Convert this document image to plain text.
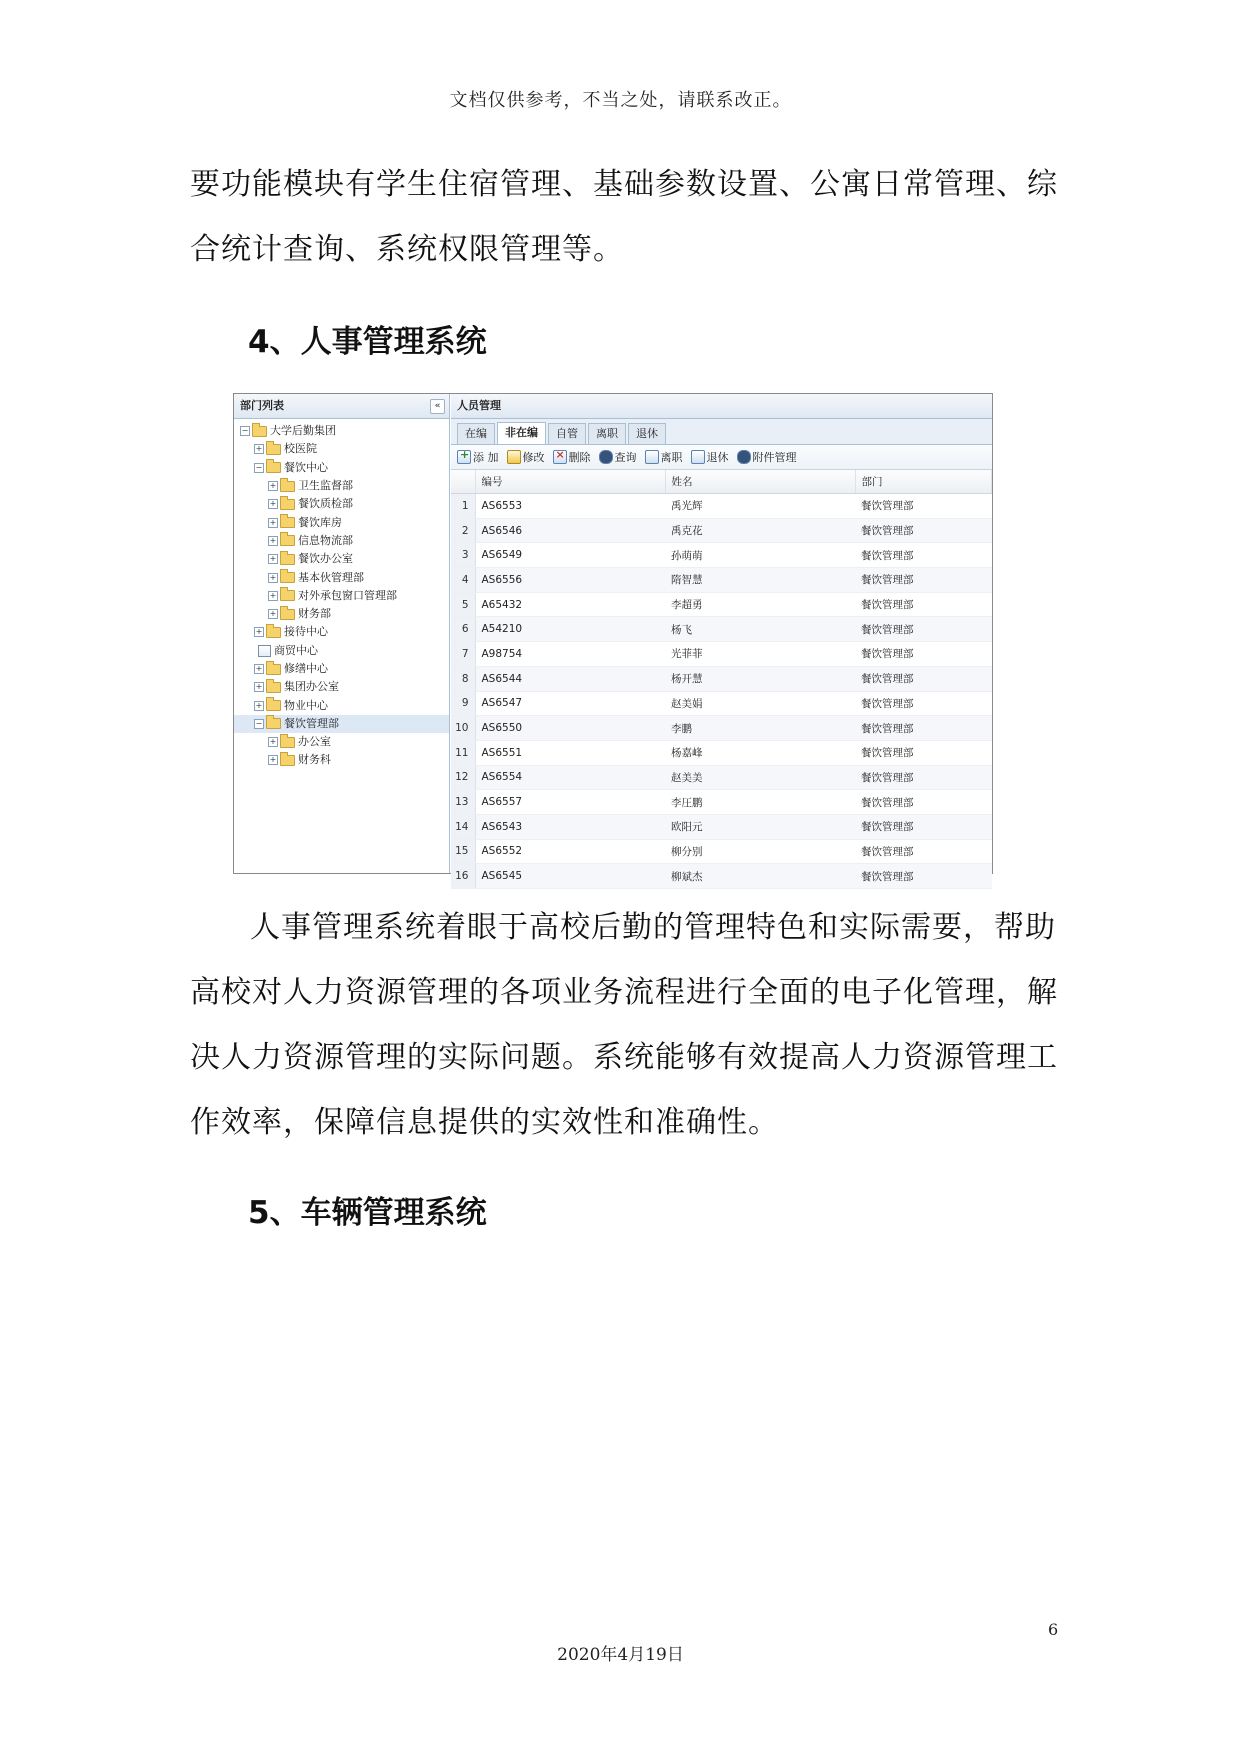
文档仅供参考，不当之处，请联系改正。
要功能模块有学生住宿管理、基础参数设置、公寓日常管理、综合统计查询、系统权限管理等。
4、人事管理系统
部门列表	«
− 大学后勤集团
+ 校医院
− 餐饮中心
+ 卫生监督部
+ 餐饮质检部
+ 餐饮库房
+ 信息物流部
+ 餐饮办公室
+ 基本伙管理部
+ 对外承包窗口管理部
+ 财务部
+ 接待中心
商贸中心
+ 修缮中心
+ 集团办公室
+ 物业中心
− 餐饮管理部
+ 办公室
+ 财务科
人员管理
在编	非在编	自管	离职	退休
+
添 加 修改 × 删除 查询 离职 退休 附件管理
	编号	姓名	部门
1	AS6553	禹光辉	餐饮管理部
2	AS6546	禹克花	餐饮管理部
3	AS6549	孙萌萌	餐饮管理部
4	AS6556	隋智慧	餐饮管理部
5	A65432	李超勇	餐饮管理部
6	A54210	杨飞	餐饮管理部
7	A98754	光菲菲	餐饮管理部
8	AS6544	杨开慧	餐饮管理部
9	AS6547	赵美娟	餐饮管理部
10	AS6550	李鹏	餐饮管理部
11	AS6551	杨嘉峰	餐饮管理部
12	AS6554	赵美美	餐饮管理部
13	AS6557	李圧鹏	餐饮管理部
14	AS6543	欧阳元	餐饮管理部
15	AS6552	柳分别	餐饮管理部
16	AS6545	柳斌杰	餐饮管理部
人事管理系统着眼于高校后勤的管理特色和实际需要，帮助高校对人力资源管理的各项业务流程进行全面的电子化管理，解决人力资源管理的实际问题。系统能够有效提高人力资源管理工作效率，保障信息提供的实效性和准确性。
5、车辆管理系统
6
2020年4月19日
